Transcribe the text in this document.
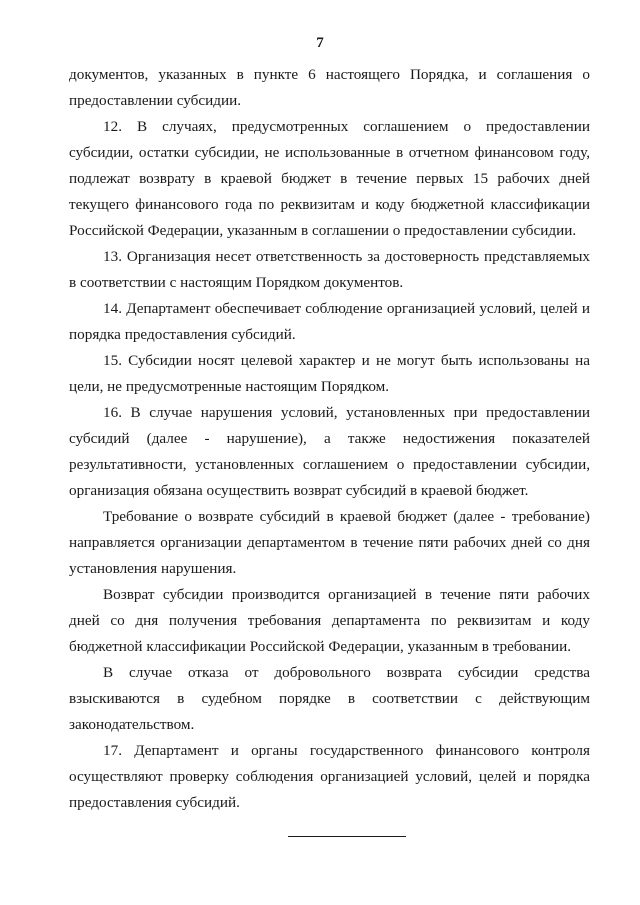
7

документов, указанных в пункте 6 настоящего Порядка, и соглашения о предоставлении субсидии.

12. В случаях, предусмотренных соглашением о предоставлении субсидии, остатки субсидии, не использованные в отчетном финансовом году, подлежат возврату в краевой бюджет в течение первых 15 рабочих дней текущего финансового года по реквизитам и коду бюджетной классификации Российской Федерации, указанным в соглашении о предоставлении субсидии.

13. Организация несет ответственность за достоверность представляемых в соответствии с настоящим Порядком документов.

14. Департамент обеспечивает соблюдение организацией условий, целей и порядка предоставления субсидий.

15. Субсидии носят целевой характер и не могут быть использованы на цели, не предусмотренные настоящим Порядком.

16. В случае нарушения условий, установленных при предоставлении субсидий (далее - нарушение), а также недостижения показателей результативности, установленных соглашением о предоставлении субсидии, организация обязана осуществить возврат субсидий в краевой бюджет.

Требование о возврате субсидий в краевой бюджет (далее - требование) направляется организации департаментом в течение пяти рабочих дней со дня установления нарушения.

Возврат субсидии производится организацией в течение пяти рабочих дней со дня получения требования департамента по реквизитам и коду бюджетной классификации Российской Федерации, указанным в требовании.

В случае отказа от добровольного возврата субсидии средства взыскиваются в судебном порядке в соответствии с действующим законодательством.

17. Департамент и органы государственного финансового контроля осуществляют проверку соблюдения организацией условий, целей и порядка предоставления субсидий.
